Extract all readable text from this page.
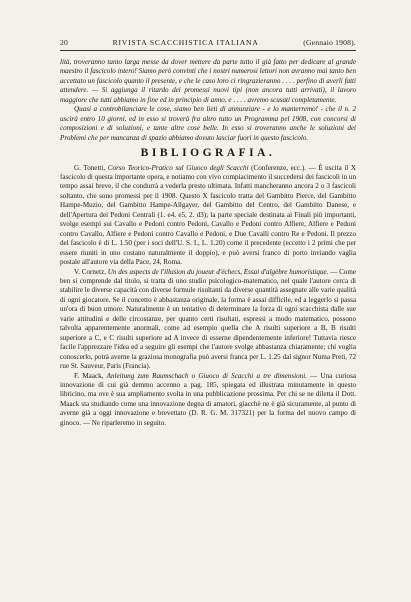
20	RIVISTA SCACCHISTICA ITALIANA	(Gennaio 1908).

lità, troveranno tanto larga messe da dover mettere da parte tutto il già fatto per dedicare al grande maestro il fascicolo intero! Siamo però convinti che i nostri numerosi lettori non avranno mai tanto ben accettato un fascicolo quanto il presente, e che le caso loro ci ringrazieranno . . . . perfino di averli fatti attendere. — Si aggiunga il ritardo dei promessi nuovi tipi (non ancora tutti arrivati), il lavoro maggiore che tutti abbiamo in fine ed in principio di anno, e . . . . avremo scusati completamente.

Quasi a controbilanciare le cose, siamo ben lieti di annunziare - e lo manterremo! - che il n. 2 uscirà entro 10 giorni, ed in esso si troverà fra altro tutto un Programma pel 1908, con concorsi di composizioni e di soluzioni, e tante altre cose belle. In esso si troveranno anche le soluzioni dei Problemi che per mancanza di spazio abbiamo dovuto lasciar fuori in questo fascicolo.

BIBLIOGRAFIA.

G. Tonetti, Corso Teorico-Pratico sul Giuoco degli Scacchi (Conferenze, ecc.). — È uscita il X fascicolo di questa importante opera, e notiamo con vivo compiacimento il succedersi dei fascicoli in un tempo assai breve, il che condurrà a vederla presto ultimata. Infatti mancheranno ancora 2 o 3 fascicoli soltanto, che sono promessi per il 1908. Questo X fascicolo tratta del Gambitto Pierce, del Gambitto Hampe-Muzio, del Gambitto Hampe-Allgayer, del Gambitto del Centro, del Gambitto Danese, e dell'Apertura dei Pedoni Centrali (1. e4, e5, 2. d3); la parte speciale destinata ai Finali più importanti, svolge esempi sui Cavallo e Pedoni contro Pedoni, Cavallo e Pedoni contro Alfiere, Alfiere e Pedoni contro Cavallo, Alfiere e Pedoni contro Cavallo e Pedoni, e Due Cavalli contro Re e Pedoni. Il prezzo del fascicolo è di L. 1.50 (per i soci dell'U. S. I., L. 1.20) come il precedente (eccetto i 2 primi che per essere riuniti in uno costano naturalmente il doppio), e può aversi franco di porto inviando vaglia postale all'autore via della Pace, 24, Roma.

V. Cornetz, Un des aspects de l'illusion du joueur d'échecs, Essai d'algèbre humoristique. — Come ben si comprende dal titolo, si tratta di uno studio psicologico-matematico, nel quale l'autore cerca di stabilire le diverse capacità con diverse formule risultanti da diverse quantità assegnate alle varie qualità di ogni giocatore. Se il concetto è abbastanza originale, la forma è assai difficile, ed a leggerlo si passa un'ora di buon umore. Naturalmente è un tentativo di determinare la forza di ogni scacchista dalle sue varie attitudini e delle circostanze, per quanto certi risultati, espressi a modo matematico, possono talvolta apparentemente anormali, come ad esempio quella che A risulti superiore a B, B risulti superiore a C, e C risulti superiore ad A invece di esserne dipendentemente inferiore! Tuttavia riesce facile l'apprezzare l'idea ed a seguire gli esempi che l'autore svolge abbastanza chiaramente; chi voglia conoscerlo, potrà averne la graziosa monografia può aversi franca per L. 1.25 dal signor Numa Preti, 72 rue St. Sauveur, Paris (Francia).

F. Maack, Anleitung zum Raumschach o Giuoco di Scacchi a tre dimensioni. — Una curiosa innovazione di cui già demmo accenno a pag. 185, spiegata ed illustrata minutamente in questo libricino, ma ove è sua ampliamento svolta in una pubblicazione prossima. Per chi se ne diletta il Dott. Maack sta studiando come una innovazione degna di amatori, giacchè ne è già sicuramente, al punto di averne già a oggi innovazione e brevettato (D. R. G. M. 317321) per la forma del nuovo campo di ginoco. — Ne riparleremo in seguito.
